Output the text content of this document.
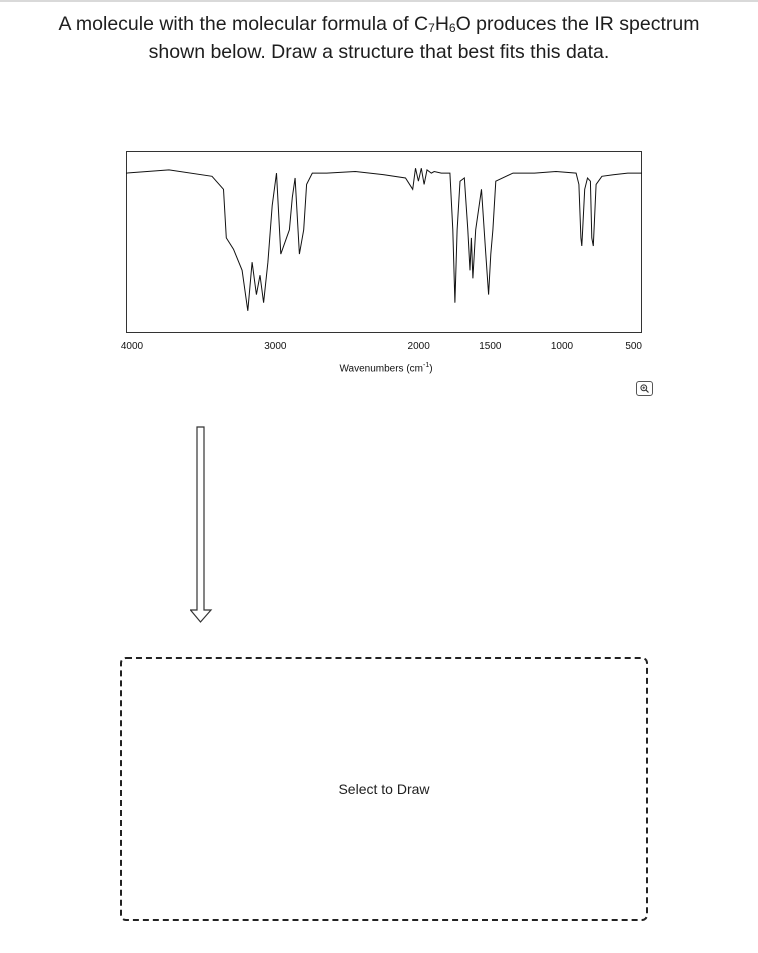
A molecule with the molecular formula of $C_7H_6O$ produces the IR spectrum
shown below. Draw a structure that best fits this data.
4000	3000	2000	1500	1000	500
Wavenumbers $(cm^{-1})$
Select to Draw
